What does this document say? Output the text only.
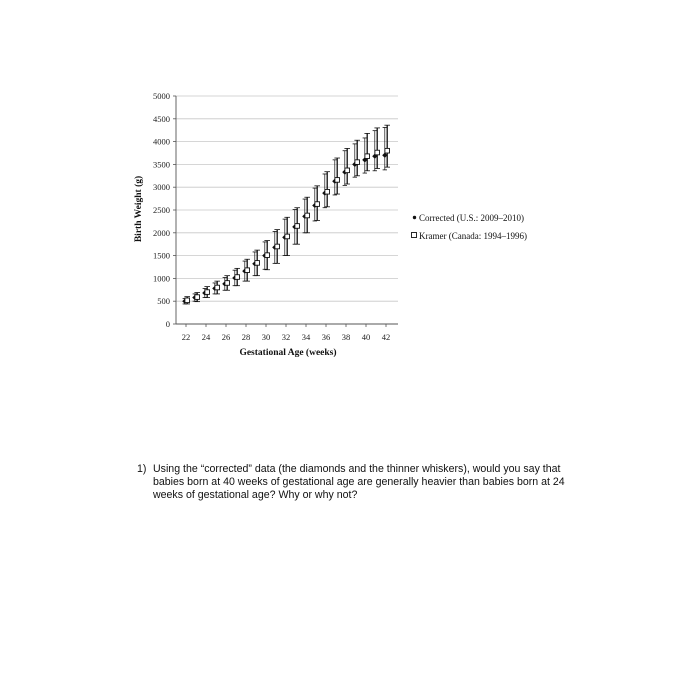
0
500
1000
1500
2000
2500
3000
3500
4000
4500
5000
22 24 26 28 30 32 34 36 38 40 42
Gestational Age (weeks)
Birth Weight (g)	Corrected (U.S.: 2009–2010)
Kramer (Canada: 1994–1996)
1) Using the “corrected” data (the diamonds and the thinner whiskers), would you say that babies born at 40 weeks of gestational age are generally heavier than babies born at 24 weeks of gestational age? Why or why not?
